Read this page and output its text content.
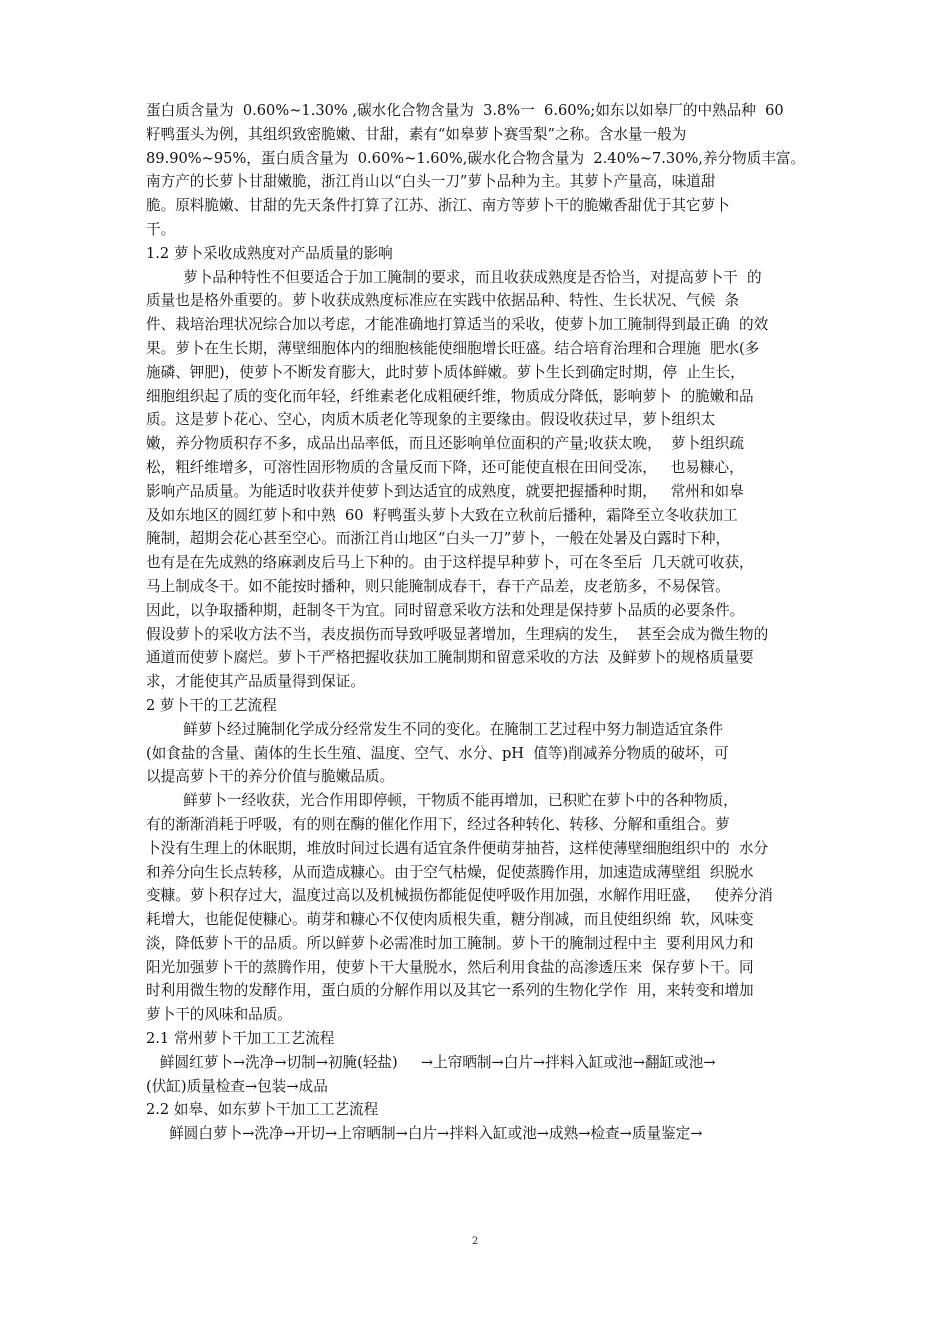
蛋白质含量为  0.60%~1.30% ,碳水化合物含量为  3.8%一  6.60%;如东以如皋厂的中熟品种  60
籽鸭蛋头为例，其组织致密脆嫩、甘甜，素有“如皋萝卜赛雪梨”之称。含水量一般为
89.90%~95%，蛋白质含量为  0.60%~1.60%,碳水化合物含量为  2.40%~7.30%,养分物质丰富。
南方产的长萝卜甘甜嫩脆，浙江肖山以“白头一刀”萝卜品种为主。其萝卜产量高，味道甜
脆。原料脆嫩、甘甜的先天条件打算了江苏、浙江、南方等萝卜干的脆嫩香甜优于其它萝卜
干。

1.2 萝卜采收成熟度对产品质量的影响

萝卜品种特性不但要适合于加工腌制的要求，而且收获成熟度是否恰当，对提高萝卜干  的
质量也是格外重要的。萝卜收获成熟度标准应在实践中依据品种、特性、生长状况、气候  条
件、栽培治理状况综合加以考虑，才能准确地打算适当的采收，使萝卜加工腌制得到最正确  的效
果。萝卜在生长期，薄壁细胞体内的细胞核能使细胞增长旺盛。结合培育治理和合理施  肥水(多
施磷、钾肥)，使萝卜不断发育膨大，此时萝卜质体鲜嫩。萝卜生长到确定时期，停  止生长，
细胞组织起了质的变化而年轻，纤维素老化成粗硬纤维，物质成分降低，影响萝卜  的脆嫩和品
质。这是萝卜花心、空心，肉质木质老化等现象的主要缘由。假设收获过早，萝卜组织太
嫩，养分物质积存不多，成品出品率低，而且还影响单位面积的产量;收获太晚，  萝卜组织疏
松，粗纤维增多，可溶性固形物质的含量反而下降，还可能使直根在田间受冻，   也易糠心，
影响产品质量。为能适时收获并使萝卜到达适宜的成熟度，就要把握播种时期，   常州和如皋
及如东地区的圆红萝卜和中熟  60  籽鸭蛋头萝卜大致在立秋前后播种，霜降至立冬收获加工
腌制，超期会花心甚至空心。而浙江肖山地区“白头一刀”萝卜，一般在处暑及白露时下种，
也有是在先成熟的络麻剥皮后马上下种的。由于这样提早种萝卜，可在冬至后  几天就可收获，
马上制成冬干。如不能按时播种，则只能腌制成春干，春干产品差，皮老筋多，不易保管。
因此，以争取播种期，赶制冬干为宜。同时留意采收方法和处理是保持萝卜品质的必要条件。
假设萝卜的采收方法不当，表皮损伤而导致呼吸显著增加，生理病的发生，  甚至会成为微生物的
通道而使萝卜腐烂。萝卜干严格把握收获加工腌制期和留意采收的方法  及鲜萝卜的规格质量要
求，才能使其产品质量得到保证。

2 萝卜干的工艺流程

鲜萝卜经过腌制化学成分经常发生不同的变化。在腌制工艺过程中努力制造适宜条件
(如食盐的含量、菌体的生长生殖、温度、空气、水分、pH  值等)削减养分物质的破坏，可
以提高萝卜干的养分价值与脆嫩品质。

鲜萝卜一经收获，光合作用即停顿，干物质不能再增加，已积贮在萝卜中的各种物质，
有的渐渐消耗于呼吸，有的则在酶的催化作用下，经过各种转化、转移、分解和重组合。萝
卜没有生理上的休眠期，堆放时间过长遇有适宜条件便萌芽抽苔，这样使薄壁细胞组织中的  水分
和养分向生长点转移，从而造成糠心。由于空气枯燥，促使蒸腾作用，加速造成薄壁组  织脱水
变糠。萝卜积存过大，温度过高以及机械损伤都能促使呼吸作用加强，水解作用旺盛，   使养分消
耗增大，也能促使糠心。萌芽和糠心不仅使肉质根失重，糖分削减，而且使组织绵  软，风味变
淡，降低萝卜干的品质。所以鲜萝卜必需准时加工腌制。萝卜干的腌制过程中主  要利用风力和
阳光加强萝卜干的蒸腾作用，使萝卜干大量脱水，然后利用食盐的高渗透压来  保存萝卜干。同
时利用微生物的发酵作用，蛋白质的分解作用以及其它一系列的生物化学作  用，来转变和增加
萝卜干的风味和品质。

2.1 常州萝卜干加工工艺流程

鲜圆红萝卜→洗净→切制→初腌(轻盐)     →上帘晒制→白片→拌料入缸或池→翻缸或池→
(伏缸)质量检查→包装→成品

2.2 如皋、如东萝卜干加工工艺流程

鲜圆白萝卜→洗净→开切→上帘晒制→白片→拌料入缸或池→成熟→检查→质量鉴定→

2
